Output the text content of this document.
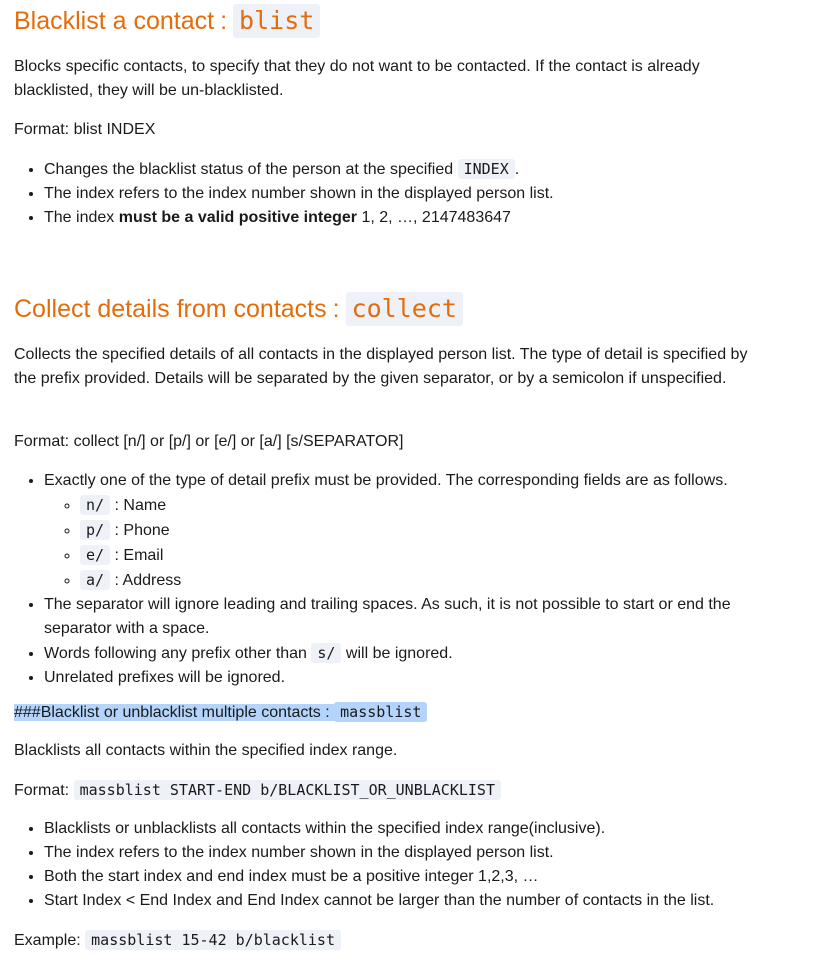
Blacklist a contact : blist

Blocks specific contacts, to specify that they do not want to be contacted. If the contact is already blacklisted, they will be un-blacklisted.

Format: blist INDEX

• Changes the blacklist status of the person at the specified INDEX .
• The index refers to the index number shown in the displayed person list.
• The index must be a valid positive integer 1, 2, …, 2147483647
Collect details from contacts : collect

Collects the specified details of all contacts in the displayed person list. The type of detail is specified by the prefix provided. Details will be separated by the given separator, or by a semicolon if unspecified.

Format: collect [n/] or [p/] or [e/] or [a/] [s/SEPARATOR]

• Exactly one of the type of detail prefix must be provided. The corresponding fields are as follows.
◦ n/ : Name
◦ p/ : Phone
◦ e/ : Email
◦ a/ : Address
• The separator will ignore leading and trailing spaces. As such, it is not possible to start or end the separator with a space.
• Words following any prefix other than s/ will be ignored.
• Unrelated prefixes will be ignored.

###Blacklist or unblacklist multiple contacts : massblist

Blacklists all contacts within the specified index range.

Format: massblist START-END b/BLACKLIST_OR_UNBLACKLIST

• Blacklists or unblacklists all contacts within the specified index range(inclusive).
• The index refers to the index number shown in the displayed person list.
• Both the start index and end index must be a positive integer 1,2,3, …
• Start Index < End Index and End Index cannot be larger than the number of contacts in the list.

Example: massblist 15-42 b/blacklist
